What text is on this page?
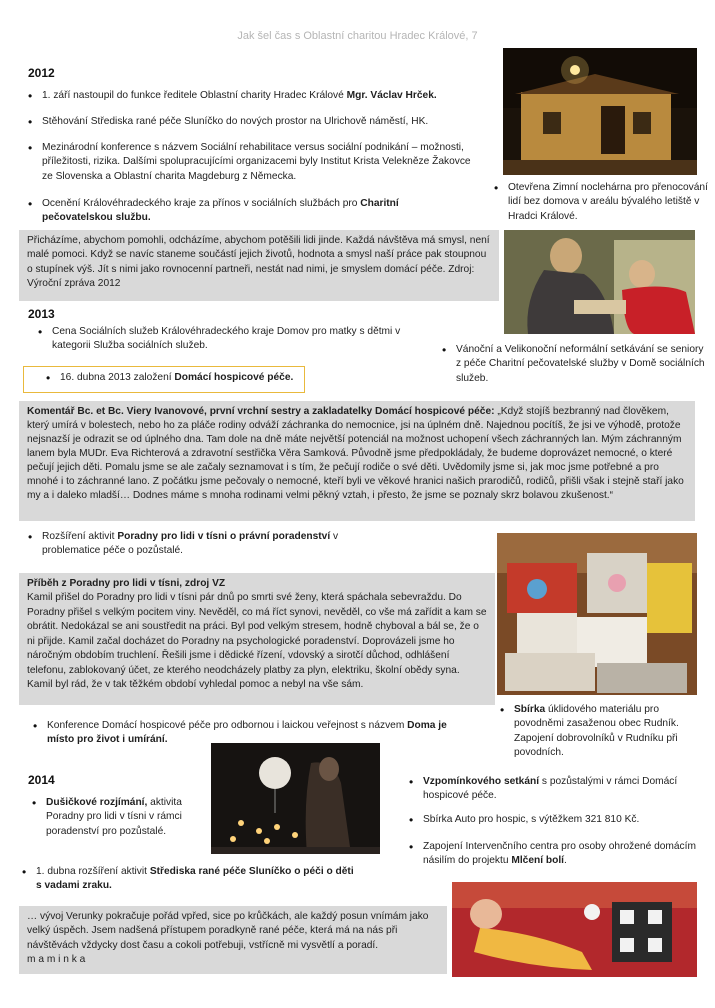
Jak šel čas s Oblastní charitou Hradec Králové, 7
2012
• 1. září nastoupil do funkce ředitele Oblastní charity Hradec Králové Mgr. Václav Hrček.
• Stěhování Střediska rané péče Sluníčko do nových prostor na Ulrichově náměstí, HK.
• Mezinárodní konference s názvem Sociální rehabilitace versus sociální podnikání – možnosti, příležitosti, rizika. Dalšími spolupracujícími organizacemi byly Institut Krista Velekněze Žakovce ze Slovenska a Oblastní charita Magdeburg z Německa.
• Ocenění Královéhradeckého kraje za přínos v sociálních službách pro Charitní pečovatelskou službu.
• Otevřena Zimní noclehárna pro přenocování lidí bez domova v areálu bývalého letiště v Hradci Králové.
Přicházíme, abychom pomohli, odcházíme, abychom potěšili lidi jinde. Každá návštěva má smysl, není malé pomoci. Když se navíc staneme součástí jejich životů, hodnota a smysl naší práce pak stoupnou o stupínek výš. Jít s nimi jako rovnocenní partneři, nestát nad nimi, je smyslem domácí péče. Zdroj: Výroční zpráva 2012
2013
• Cena Sociálních služeb Královéhradeckého kraje Domov pro matky s dětmi v kategorii Služba sociálních služeb.
•	Vánoční a Velikonoční neformální setkávání se seniory z péče Charitní pečovatelské služby v Domě sociálních služeb.
• 16. dubna 2013 založení Domácí hospicové péče.
Komentář Bc. et Bc. Viery Ivanovové, první vrchní sestry a zakladatelky Domácí hospicové péče: „Když stojíš bezbranný nad člověkem, který umírá v bolestech, nebo ho za pláče rodiny odváží záchranka do nemocnice, jsi na úplném dně. Najednou pocítíš, že jsi ve výhodě, protože nejsnazší je odrazit se od úplného dna. Tam dole na dně máte největší potenciál na možnost uchopení všech záchranných lan. Mým záchranným lanem byla MUDr. Eva Richterová a zdravotní sestřička Věra Samková. Původně jsme předpokládaly, že budeme doprovázet nemocné, o které pečují jejich děti. Pomalu jsme se ale začaly seznamovat i s tím, že pečují rodiče o své děti. Uvědomily jsme si, jak moc jsme potřebné a pro mnohé i to záchranné lano. Z počátku jsme pečovaly o nemocné, kteří byli ve věkové hranici našich prarodičů, rodičů, přišli však i stejně staří jako my a i daleko mladší… Dodnes máme s mnoha rodinami velmi pěkný vztah, i přesto, že jsme se poznaly skrz bolavou zkušenost.“
• Rozšíření aktivit Poradny pro lidi v tísni o právní poradenství v problematice péče o pozůstalé.
Příběh z Poradny pro lidi v tísni, zdroj VZ
Kamil přišel do Poradny pro lidi v tísni pár dnů po smrti své ženy, která spáchala sebevraždu. Do Poradny přišel s velkým pocitem viny. Nevěděl, co má říct synovi, nevěděl, co vše má zařídit a kam se obrátit. Nedokázal se ani soustředit na práci. Byl pod velkým stresem, hodně chyboval a bál se, že o ni přijde. Kamil začal docházet do Poradny na psychologické poradenství. Doprovázeli jsme ho náročným obdobím truchlení. Řešili jsme i dědické řízení, vdovský a sirotčí důchod, odhlášení telefonu, zablokovaný účet, ze kterého neodcházely platby za plyn, elektriku, školní obědy syna. Kamil byl rád, že v tak těžkém období vyhledal pomoc a nebyl na vše sám.
• Sbírka úklidového materiálu pro povodněmi zasaženou obec Rudník. Zapojení dobrovolníků v Rudníku při povodních.
• Konference Domácí hospicové péče pro odbornou i laickou veřejnost s názvem Doma je místo pro život i umírání.
2014
• Dušičkové rozjímání, aktivita Poradny pro lidi v tísni v rámci poradenství pro pozůstalé.
• Vzpomínkového setkání s pozůstalými v rámci Domácí hospicové péče.
• Sbírka Auto pro hospic, s výtěžkem 321 810 Kč.
• Zapojení Intervenčního centra pro osoby ohrožené domácím násilím do projektu Mlčení bolí.
• 1. dubna rozšíření aktivit Střediska rané péče Sluníčko o péči o děti s vadami zraku.
… vývoj Verunky pokračuje pořád vpřed, sice po krůčkách, ale každý posun vnímám jako velký úspěch. Jsem nadšená přístupem poradkyně rané péče, která má na nás při návštěvách vždycky dost času a cokoli potřebuji, vstřícně mi vysvětlí a poradí.
m a m i n k a
